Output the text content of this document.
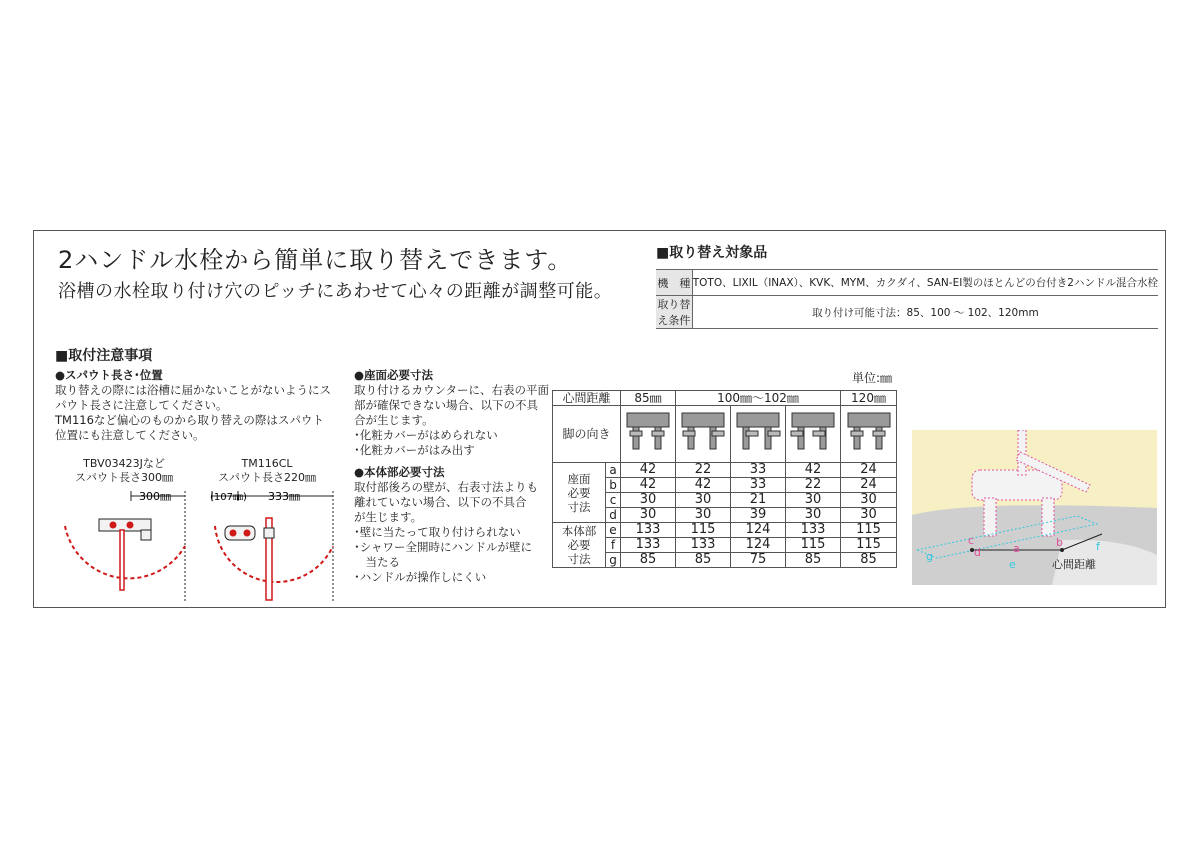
2ハンドル水栓から簡単に取り替えできます。
浴槽の水栓取り付け穴のピッチにあわせて心々の距離が調整可能。
■取り替え対象品
機　種	TOTO、LIXIL（INAX）、KVK、MYM、カクダイ、SAN-EI製のほとんどの台付き2ハンドル混合水栓
取り替え条件	取り付け可能寸法：85、100 ～ 102、120mm
■取付注意事項
●スパウト長さ･位置
取り替えの際には浴槽に届かないことがないようにス
パウト長さに注意してください。
TM116など偏心のものから取り替えの際はスパウト
位置にも注意してください。
●座面必要寸法
取り付けるカウンターに、右表の平面
部が確保できない場合、以下の不具
合が生じます。
･化粧カバーがはめられない
･化粧カバーがはみ出す
●本体部必要寸法
取付部後ろの壁が、右表寸法よりも
離れていない場合、以下の不具合
が生じます。
･壁に当たって取り付けられない
･シャワー全開時にハンドルが壁に
　当たる
･ハンドルが操作しにくい
TBV03423Jなど
スパウト長さ300㎜
TM116CL
スパウト長さ220㎜
300㎜	(107㎜) 333㎜
単位:㎜
心間距離		85㎜	100㎜～102㎜			120㎜
脚の向き	

座面
必要
寸法	a	42	22	33	42	24
	b	42	42	33	22	24
	c	30	30	21	30	30
	d	30	30	39	30	30
本体部
必要
寸法	e	133	115	124	133	115
	f	133	133	124	115	115
	g	85	85	75	85	85	g
c
d	a
e
b	f
心間距離
